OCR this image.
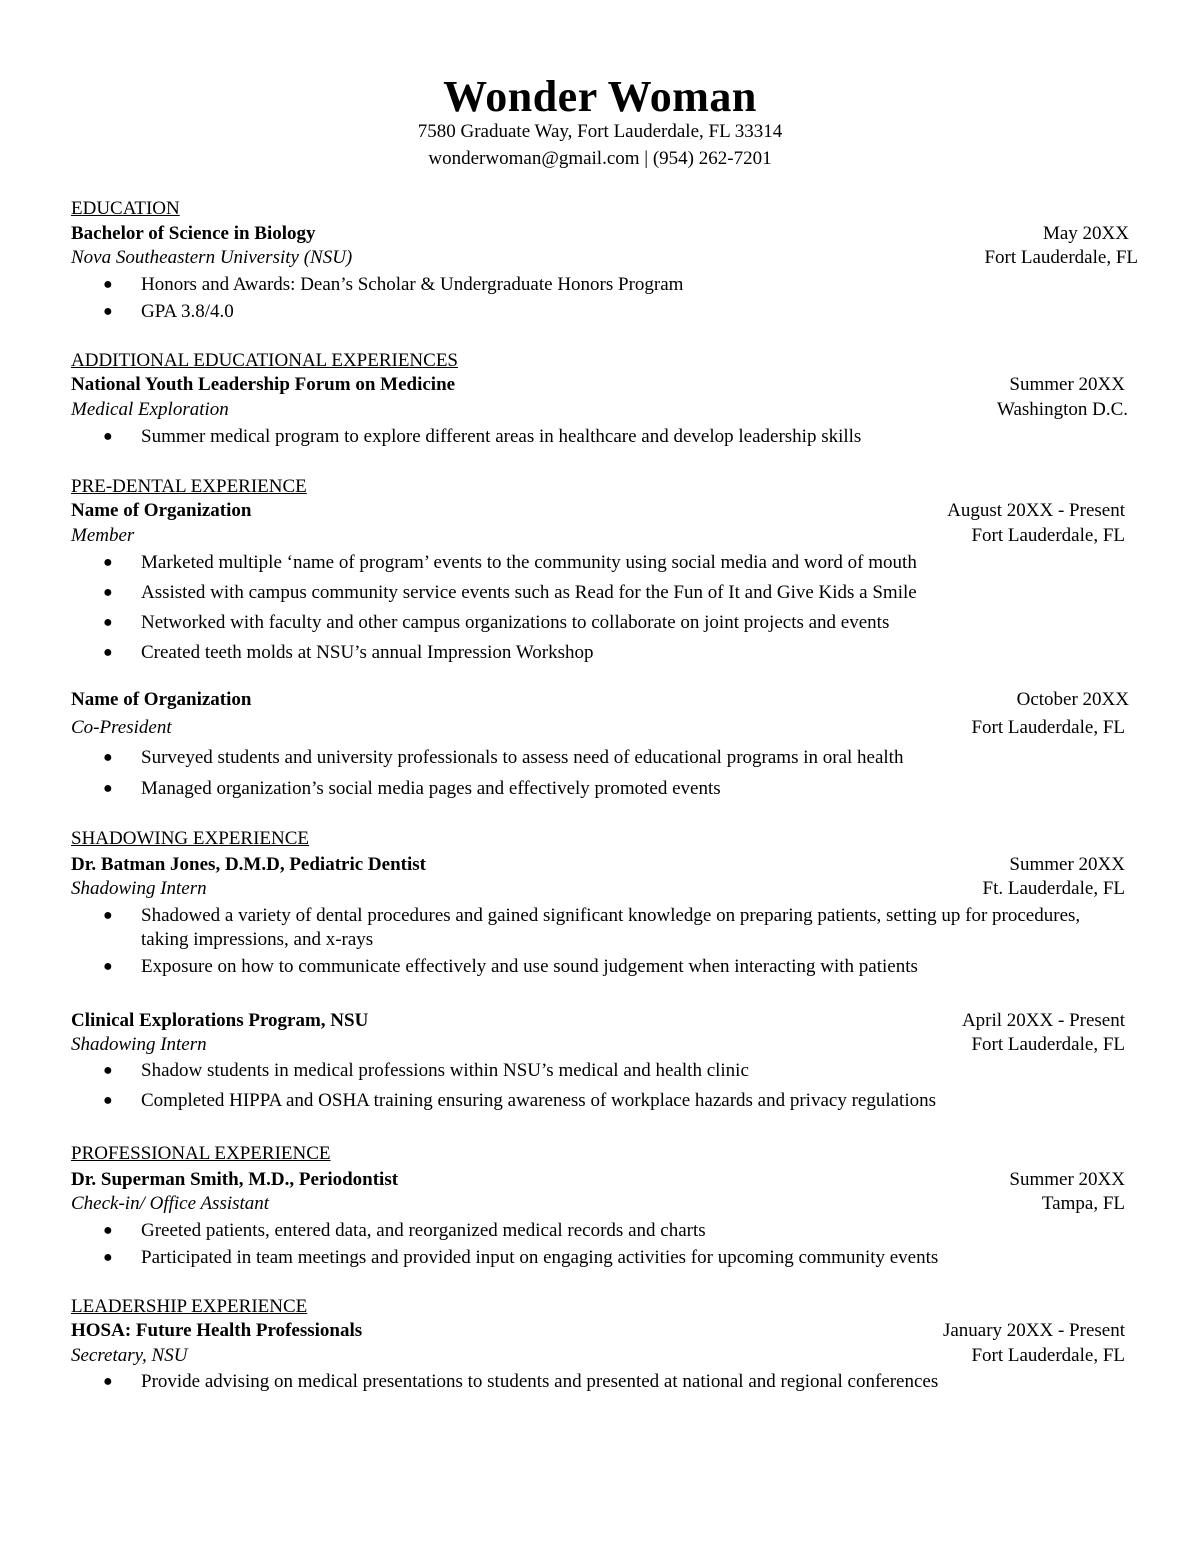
Wonder Woman
7580 Graduate Way, Fort Lauderdale, FL 33314
wonderwoman@gmail.com | (954) 262-7201
EDUCATION
Bachelor of Science in Biology	May 20XX
Nova Southeastern University (NSU)	Fort Lauderdale, FL
● Honors and Awards: Dean’s Scholar & Undergraduate Honors Program
● GPA 3.8/4.0
ADDITIONAL EDUCATIONAL EXPERIENCES
National Youth Leadership Forum on Medicine	Summer 20XX
Medical Exploration	Washington D.C.
● Summer medical program to explore different areas in healthcare and develop leadership skills
PRE-DENTAL EXPERIENCE
Name of Organization	August 20XX - Present
Member	Fort Lauderdale, FL
● Marketed multiple ‘name of program’ events to the community using social media and word of mouth
● Assisted with campus community service events such as Read for the Fun of It and Give Kids a Smile
● Networked with faculty and other campus organizations to collaborate on joint projects and events
● Created teeth molds at NSU’s annual Impression Workshop
Name of Organization	October 20XX
Co-President	Fort Lauderdale, FL
● Surveyed students and university professionals to assess need of educational programs in oral health
● Managed organization’s social media pages and effectively promoted events
SHADOWING EXPERIENCE
Dr. Batman Jones, D.M.D, Pediatric Dentist	Summer 20XX
Shadowing Intern	Ft. Lauderdale, FL
● Shadowed a variety of dental procedures and gained significant knowledge on preparing patients, setting up for procedures, taking impressions, and x-rays
● Exposure on how to communicate effectively and use sound judgement when interacting with patients
Clinical Explorations Program, NSU	April 20XX - Present
Shadowing Intern	Fort Lauderdale, FL
● Shadow students in medical professions within NSU’s medical and health clinic
● Completed HIPPA and OSHA training ensuring awareness of workplace hazards and privacy regulations
PROFESSIONAL EXPERIENCE
Dr. Superman Smith, M.D., Periodontist	Summer 20XX
Check-in/ Office Assistant	Tampa, FL
● Greeted patients, entered data, and reorganized medical records and charts
● Participated in team meetings and provided input on engaging activities for upcoming community events
LEADERSHIP EXPERIENCE
HOSA: Future Health Professionals	January 20XX - Present
Secretary, NSU	Fort Lauderdale, FL
● Provide advising on medical presentations to students and presented at national and regional conferences
